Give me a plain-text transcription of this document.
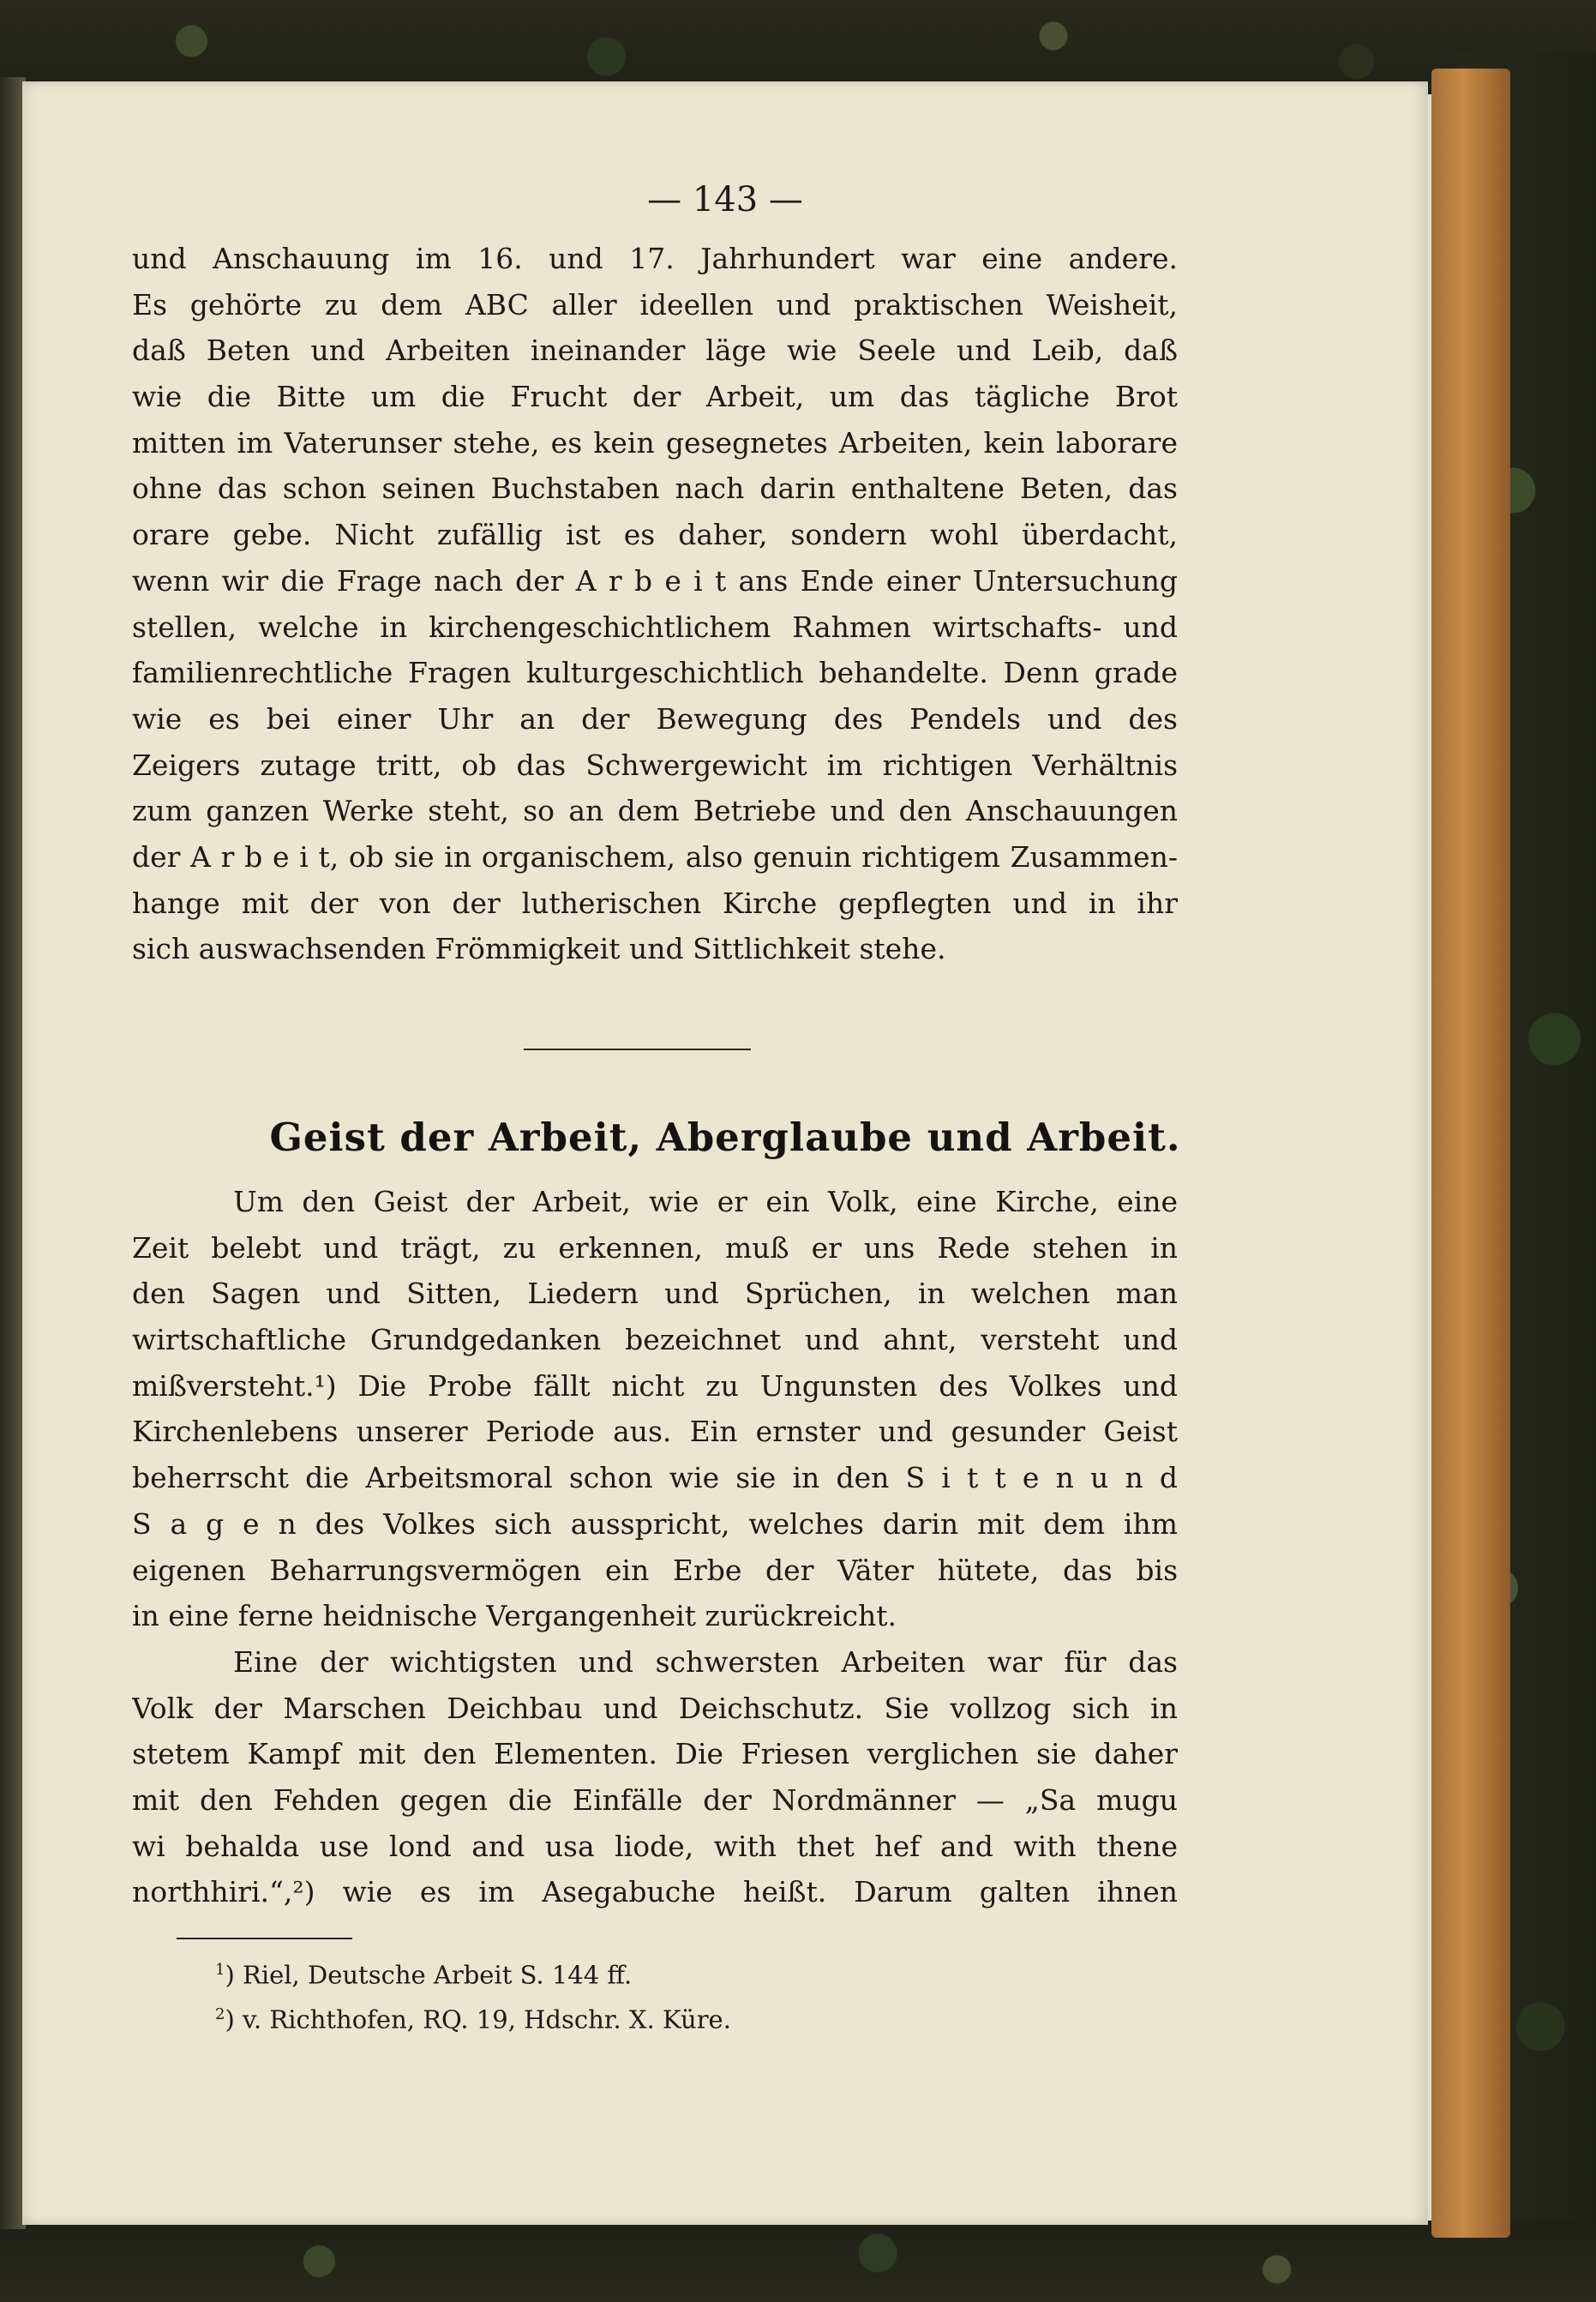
— 143 —
und Anschauung im 16. und 17. Jahrhundert war eine andere.
Es gehörte zu dem ABC aller ideellen und praktischen Weisheit,
daß Beten und Arbeiten ineinander läge wie Seele und Leib, daß
wie die Bitte um die Frucht der Arbeit, um das tägliche Brot
mitten im Vaterunser stehe, es kein gesegnetes Arbeiten, kein laborare
ohne das schon seinen Buchstaben nach darin enthaltene Beten, das
orare gebe. Nicht zufällig ist es daher, sondern wohl überdacht,
wenn wir die Frage nach der A r b e i t ans Ende einer Untersuchung
stellen, welche in kirchengeschichtlichem Rahmen wirtschafts- und
familienrechtliche Fragen kulturgeschichtlich behandelte. Denn grade
wie es bei einer Uhr an der Bewegung des Pendels und des
Zeigers zutage tritt, ob das Schwergewicht im richtigen Verhältnis
zum ganzen Werke steht, so an dem Betriebe und den Anschauungen
der A r b e i t, ob sie in organischem, also genuin richtigem Zusammen-
hange mit der von der lutherischen Kirche gepflegten und in ihr
sich auswachsenden Frömmigkeit und Sittlichkeit stehe.
Geist der Arbeit, Aberglaube und Arbeit.
Um den Geist der Arbeit, wie er ein Volk, eine Kirche, eine
Zeit belebt und trägt, zu erkennen, muß er uns Rede stehen in
den Sagen und Sitten, Liedern und Sprüchen, in welchen man
wirtschaftliche Grundgedanken bezeichnet und ahnt, versteht und
mißversteht.¹) Die Probe fällt nicht zu Ungunsten des Volkes und
Kirchenlebens unserer Periode aus. Ein ernster und gesunder Geist
beherrscht die Arbeitsmoral schon wie sie in den S i t t e n u n d
S a g e n des Volkes sich ausspricht, welches darin mit dem ihm
eigenen Beharrungsvermögen ein Erbe der Väter hütete, das bis
in eine ferne heidnische Vergangenheit zurückreicht.
Eine der wichtigsten und schwersten Arbeiten war für das
Volk der Marschen Deichbau und Deichschutz. Sie vollzog sich in
stetem Kampf mit den Elementen. Die Friesen verglichen sie daher
mit den Fehden gegen die Einfälle der Nordmänner — „Sa mugu
wi behalda use lond and usa liode, with thet hef and with thene
northhiri.“,²) wie es im Asegabuche heißt. Darum galten ihnen
$^1$) Riel, Deutsche Arbeit S. 144 ff.
$^2$) v. Richthofen, RQ. 19, Hdschr. X. Küre.
